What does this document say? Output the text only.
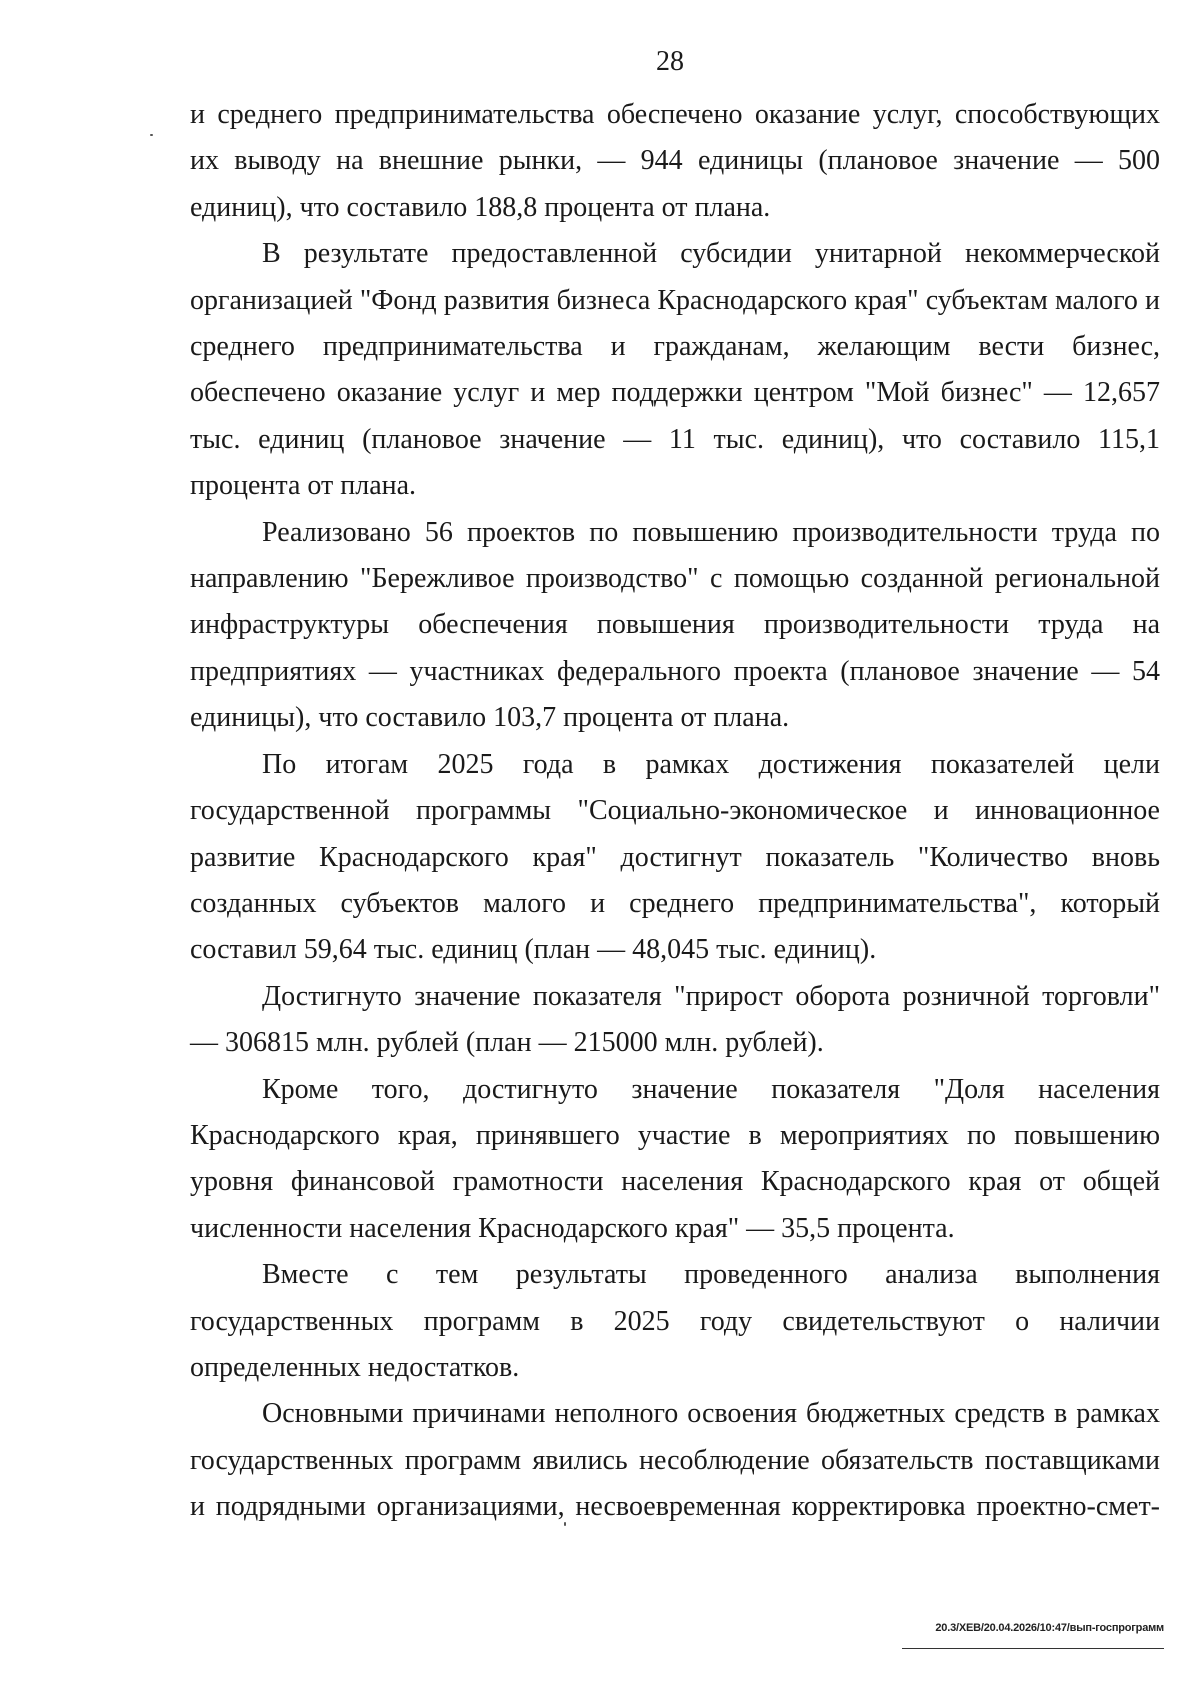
28

и среднего предпринимательства обеспечено оказание услуг, способствующих их выводу на внешние рынки, — 944 единицы (плановое значение — 500 единиц), что составило 188,8 процента от плана.

В результате предоставленной субсидии унитарной некоммерческой организацией "Фонд развития бизнеса Краснодарского края" субъектам малого и среднего предпринимательства и гражданам, желающим вести бизнес, обеспечено оказание услуг и мер поддержки центром "Мой бизнес" — 12,657 тыс. единиц (плановое значение — 11 тыс. единиц), что составило 115,1 процента от плана.

Реализовано 56 проектов по повышению производительности труда по направлению "Бережливое производство" с помощью созданной региональной инфраструктуры обеспечения повышения производительности труда на предприятиях — участниках федерального проекта (плановое значение — 54 единицы), что составило 103,7 процента от плана.

По итогам 2025 года в рамках достижения показателей цели государственной программы "Социально-экономическое и инновационное развитие Краснодарского края" достигнут показатель "Количество вновь созданных субъектов малого и среднего предпринимательства", который составил 59,64 тыс. единиц (план — 48,045 тыс. единиц).

Достигнуто значение показателя "прирост оборота розничной торговли" — 306815 млн. рублей (план — 215000 млн. рублей).

Кроме того, достигнуто значение показателя "Доля населения Краснодарского края, принявшего участие в мероприятиях по повышению уровня финансовой грамотности населения Краснодарского края от общей численности населения Краснодарского края" — 35,5 процента.

Вместе с тем результаты проведенного анализа выполнения государственных программ в 2025 году свидетельствуют о наличии определенных недостатков.

Основными причинами неполного освоения бюджетных средств в рамках государственных программ явились несоблюдение обязательств поставщиками и подрядными организациями, несвоевременная корректировка проектно-смет-

20.3/ХЕВ/20.04.2026/10:47/вып-госпрограмм
